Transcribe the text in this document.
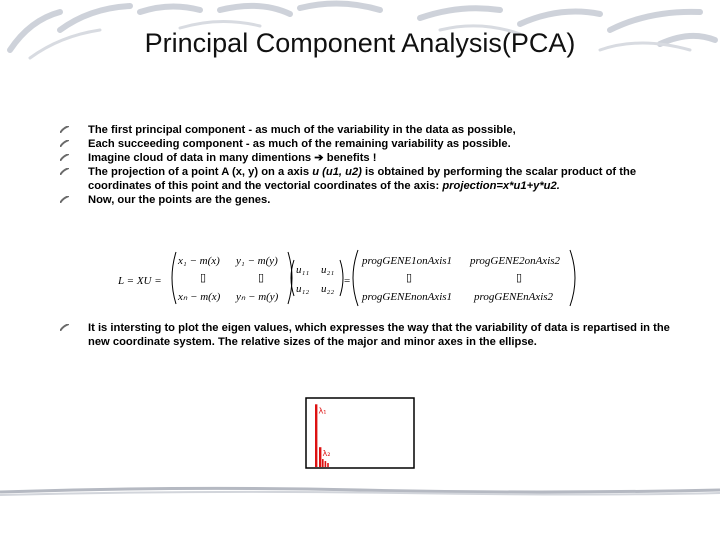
Principal Component Analysis(PCA)
The first principal component - as much of the variability in the data as possible,
Each succeeding component - as much of the remaining variability as possible.
Imagine cloud of data in many dimentions ➔ benefits !
The projection of a point A (x, y) on a axis u (u1, u2) is obtained by performing the scalar product of the coordinates of this point and the vectorial coordinates of the axis: projection=x*u1+y*u2.
Now, our the points are the genes.
L = XU =
x₁ − m(x) y₁ − m(y)
▯	▯
xₙ − m(x) yₙ − m(y)
u₁₁ u₂₁
u₁₂ u₂₂
=
progGENE1onAxis1 progGENE2onAxis2
▯	▯
progGENEnonAxis1 progGENEnAxis2
It is intersting to plot the eigen values, which expresses the way that the variability of data is repartised in the new coordinate system. The relative sizes of the major and minor axes in the ellipse.
λ₁
λ₂
